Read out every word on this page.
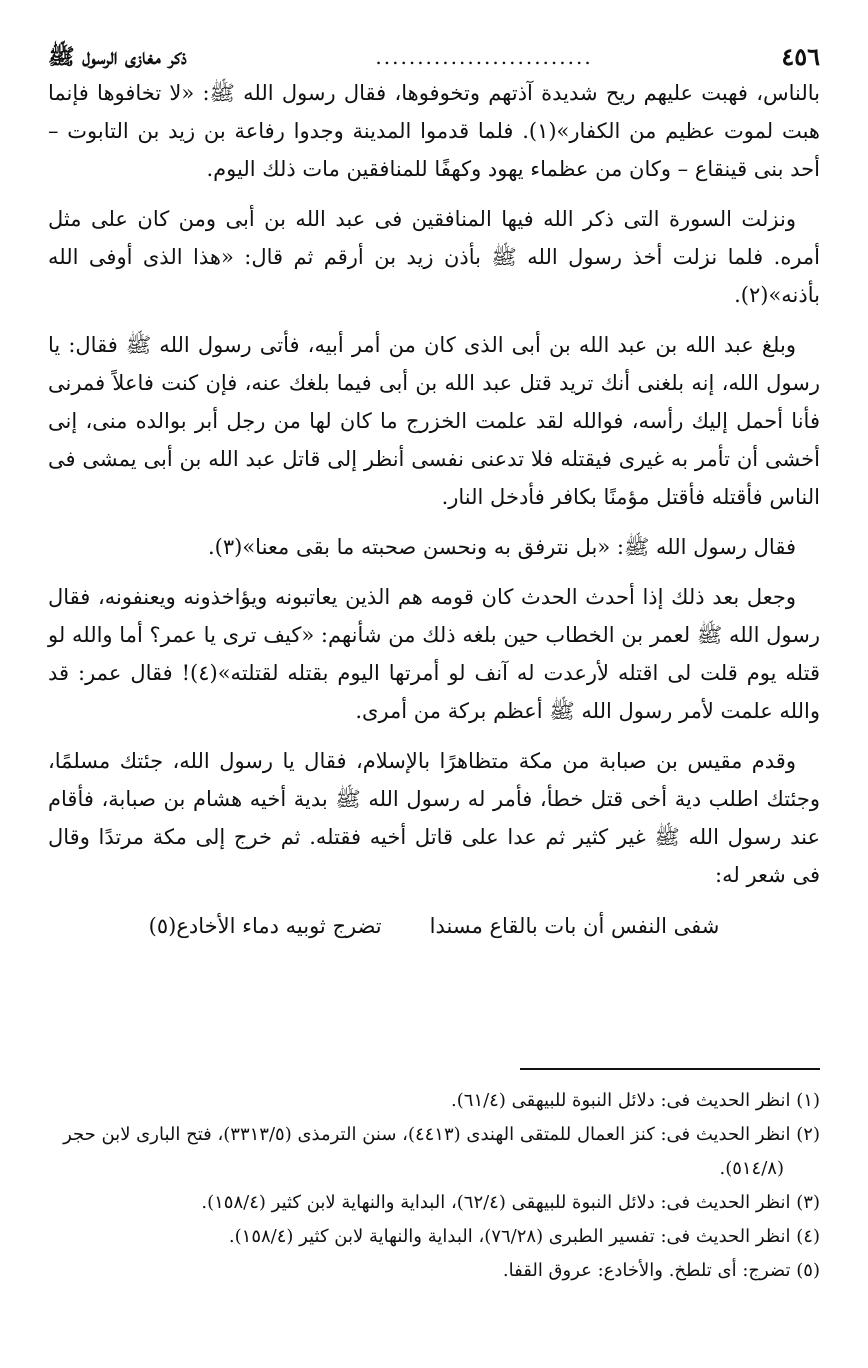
٤٥٦
..........................
ذكر مغازى الرسول ﷺ

بالناس، فهبت عليهم ريح شديدة آذتهم وتخوفوها، فقال رسول الله ﷺ: «لا تخافوها فإنما هبت لموت عظيم من الكفار»(١). فلما قدموا المدينة وجدوا رفاعة بن زيد بن التابوت – أحد بنى قينقاع – وكان من عظماء يهود وكهفًا للمنافقين مات ذلك اليوم.

ونزلت السورة التى ذكر الله فيها المنافقين فى عبد الله بن أبى ومن كان على مثل أمره. فلما نزلت أخذ رسول الله ﷺ بأذن زيد بن أرقم ثم قال: «هذا الذى أوفى الله بأذنه»(٢).

وبلغ عبد الله بن عبد الله بن أبى الذى كان من أمر أبيه، فأتى رسول الله ﷺ فقال: يا رسول الله، إنه بلغنى أنك تريد قتل عبد الله بن أبى فيما بلغك عنه، فإن كنت فاعلاً فمرنى فأنا أحمل إليك رأسه، فوالله لقد علمت الخزرج ما كان لها من رجل أبر بوالده منى، إنى أخشى أن تأمر به غيرى فيقتله فلا تدعنى نفسى أنظر إلى قاتل عبد الله بن أبى يمشى فى الناس فأقتله فأقتل مؤمنًا بكافر فأدخل النار.

فقال رسول الله ﷺ: «بل نترفق به ونحسن صحبته ما بقى معنا»(٣).

وجعل بعد ذلك إذا أحدث الحدث كان قومه هم الذين يعاتبونه ويؤاخذونه ويعنفونه، فقال رسول الله ﷺ لعمر بن الخطاب حين بلغه ذلك من شأنهم: «كيف ترى يا عمر؟ أما والله لو قتله يوم قلت لى اقتله لأرعدت له آنف لو أمرتها اليوم بقتله لقتلته»(٤)! فقال عمر: قد والله علمت لأمر رسول الله ﷺ أعظم بركة من أمرى.

وقدم مقيس بن صبابة من مكة متظاهرًا بالإسلام، فقال يا رسول الله، جئتك مسلمًا، وجئتك اطلب دية أخى قتل خطأ، فأمر له رسول الله ﷺ بدية أخيه هشام بن صبابة، فأقام عند رسول الله ﷺ غير كثير ثم عدا على قاتل أخيه فقتله. ثم خرج إلى مكة مرتدًا وقال فى شعر له:

شفى النفس أن بات بالقاع مسندا
تضرج ثوبيه دماء الأخادع(٥)

(١) انظر الحديث فى: دلائل النبوة للبيهقى (٦١/٤).

(٢) انظر الحديث فى: كنز العمال للمتقى الهندى (٤٤١٣)، سنن الترمذى (٣٣١٣/٥)، فتح البارى لابن حجر (٥١٤/٨).

(٣) انظر الحديث فى: دلائل النبوة للبيهقى (٦٢/٤)، البداية والنهاية لابن كثير (١٥٨/٤).

(٤) انظر الحديث فى: تفسير الطبرى (٧٦/٢٨)، البداية والنهاية لابن كثير (١٥٨/٤).

(٥) تضرج: أى تلطخ. والأخادع: عروق القفا.
